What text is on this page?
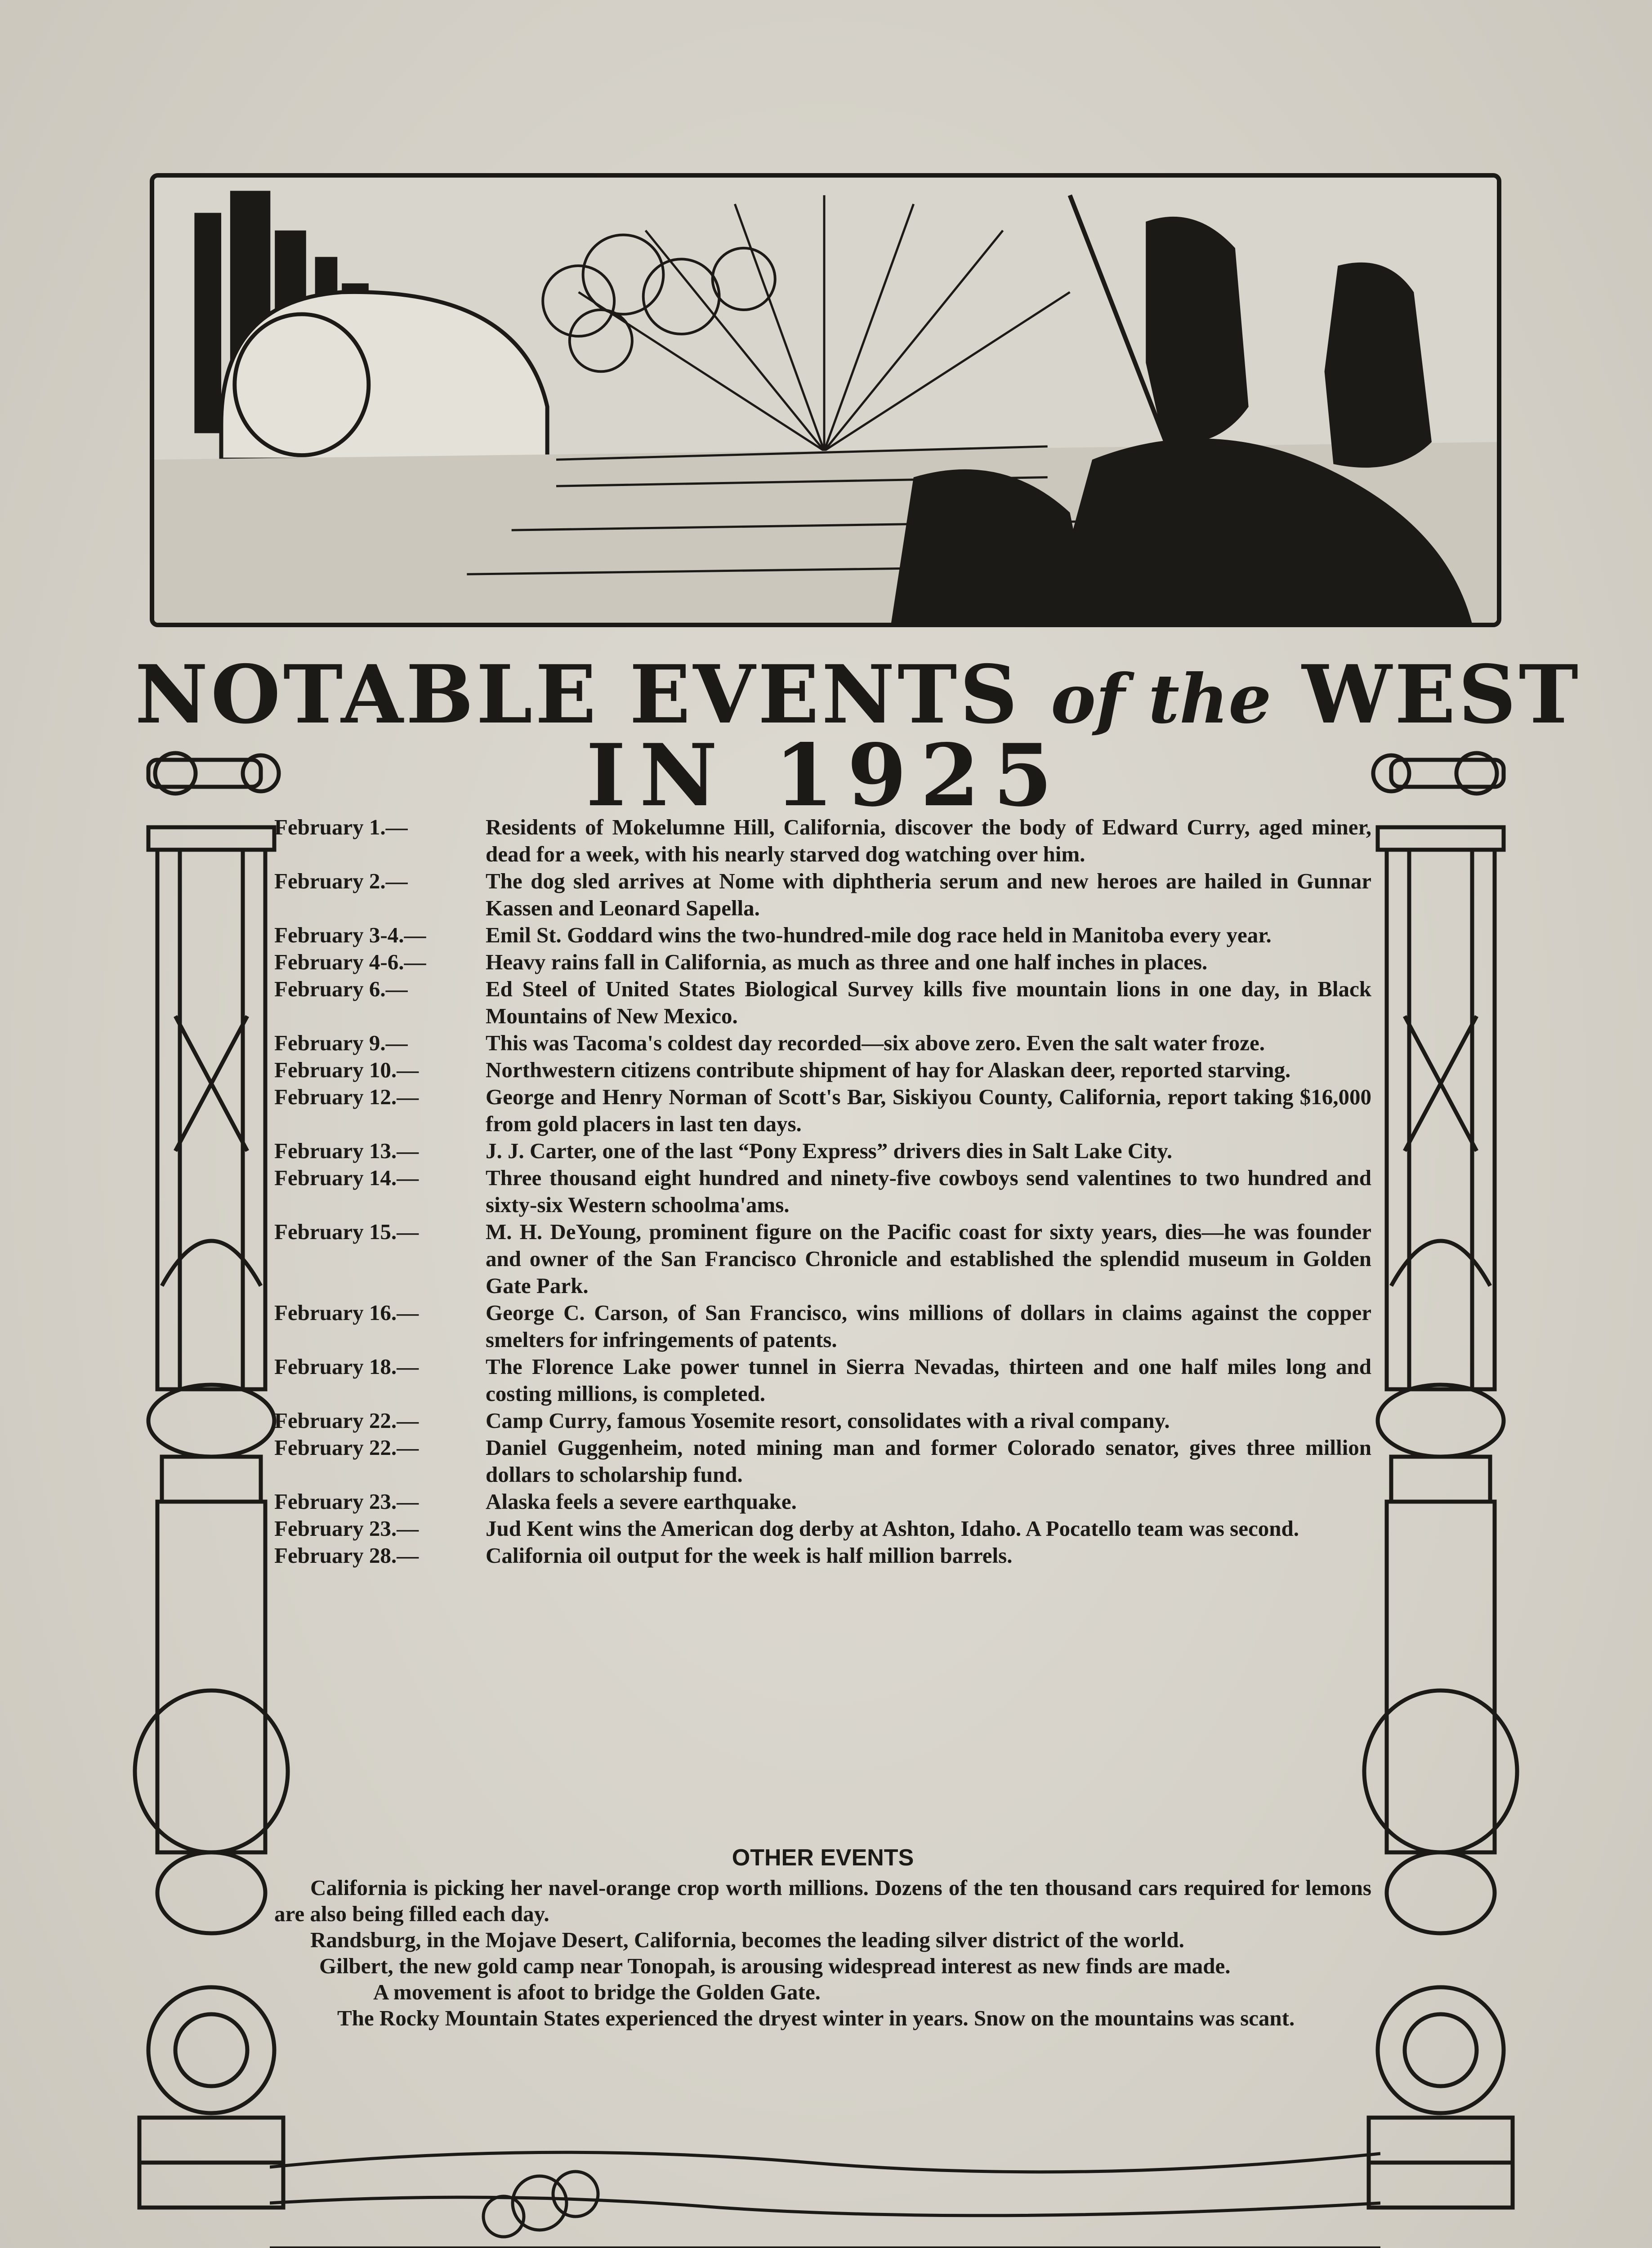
NOTABLE EVENTS of the WEST
IN 1925
February 1.—	Residents of Mokelumne Hill, California, discover the body of Edward Curry, aged miner, dead for a week, with his nearly starved dog watching over him.
February 2.—	The dog sled arrives at Nome with diphtheria serum and new heroes are hailed in Gunnar Kassen and Leonard Sapella.
February 3-4.—	Emil St. Goddard wins the two-hundred-mile dog race held in Manitoba every year.
February 4-6.—	Heavy rains fall in California, as much as three and one half inches in places.
February 6.—	Ed Steel of United States Biological Survey kills five mountain lions in one day, in Black Mountains of New Mexico.
February 9.—	This was Tacoma's coldest day recorded—six above zero. Even the salt water froze.
February 10.—	Northwestern citizens contribute shipment of hay for Alaskan deer, reported starving.
February 12.—	George and Henry Norman of Scott's Bar, Siskiyou County, California, report taking $16,000 from gold placers in last ten days.
February 13.—	J. J. Carter, one of the last “Pony Express” drivers dies in Salt Lake City.
February 14.—	Three thousand eight hundred and ninety-five cowboys send valentines to two hundred and sixty-six Western schoolma'ams.
February 15.—	M. H. DeYoung, prominent figure on the Pacific coast for sixty years, dies—he was founder and owner of the San Francisco Chronicle and established the splendid museum in Golden Gate Park.
February 16.—	George C. Carson, of San Francisco, wins millions of dollars in claims against the copper smelters for infringements of patents.
February 18.—	The Florence Lake power tunnel in Sierra Nevadas, thirteen and one half miles long and costing millions, is completed.
February 22.—	Camp Curry, famous Yosemite resort, consolidates with a rival company.
February 22.—	Daniel Guggenheim, noted mining man and former Colorado senator, gives three million dollars to scholarship fund.
February 23.—	Alaska feels a severe earthquake.
February 23.—	Jud Kent wins the American dog derby at Ashton, Idaho. A Pocatello team was second.
February 28.—	California oil output for the week is half million barrels.
OTHER EVENTS

California is picking her navel-orange crop worth millions. Dozens of the ten thousand cars required for lemons are also being filled each day.

Randsburg, in the Mojave Desert, California, becomes the leading silver district of the world.

Gilbert, the new gold camp near Tonopah, is arousing widespread interest as new finds are made.

A movement is afoot to bridge the Golden Gate.

The Rocky Mountain States experienced the dryest winter in years. Snow on the mountains was scant.
